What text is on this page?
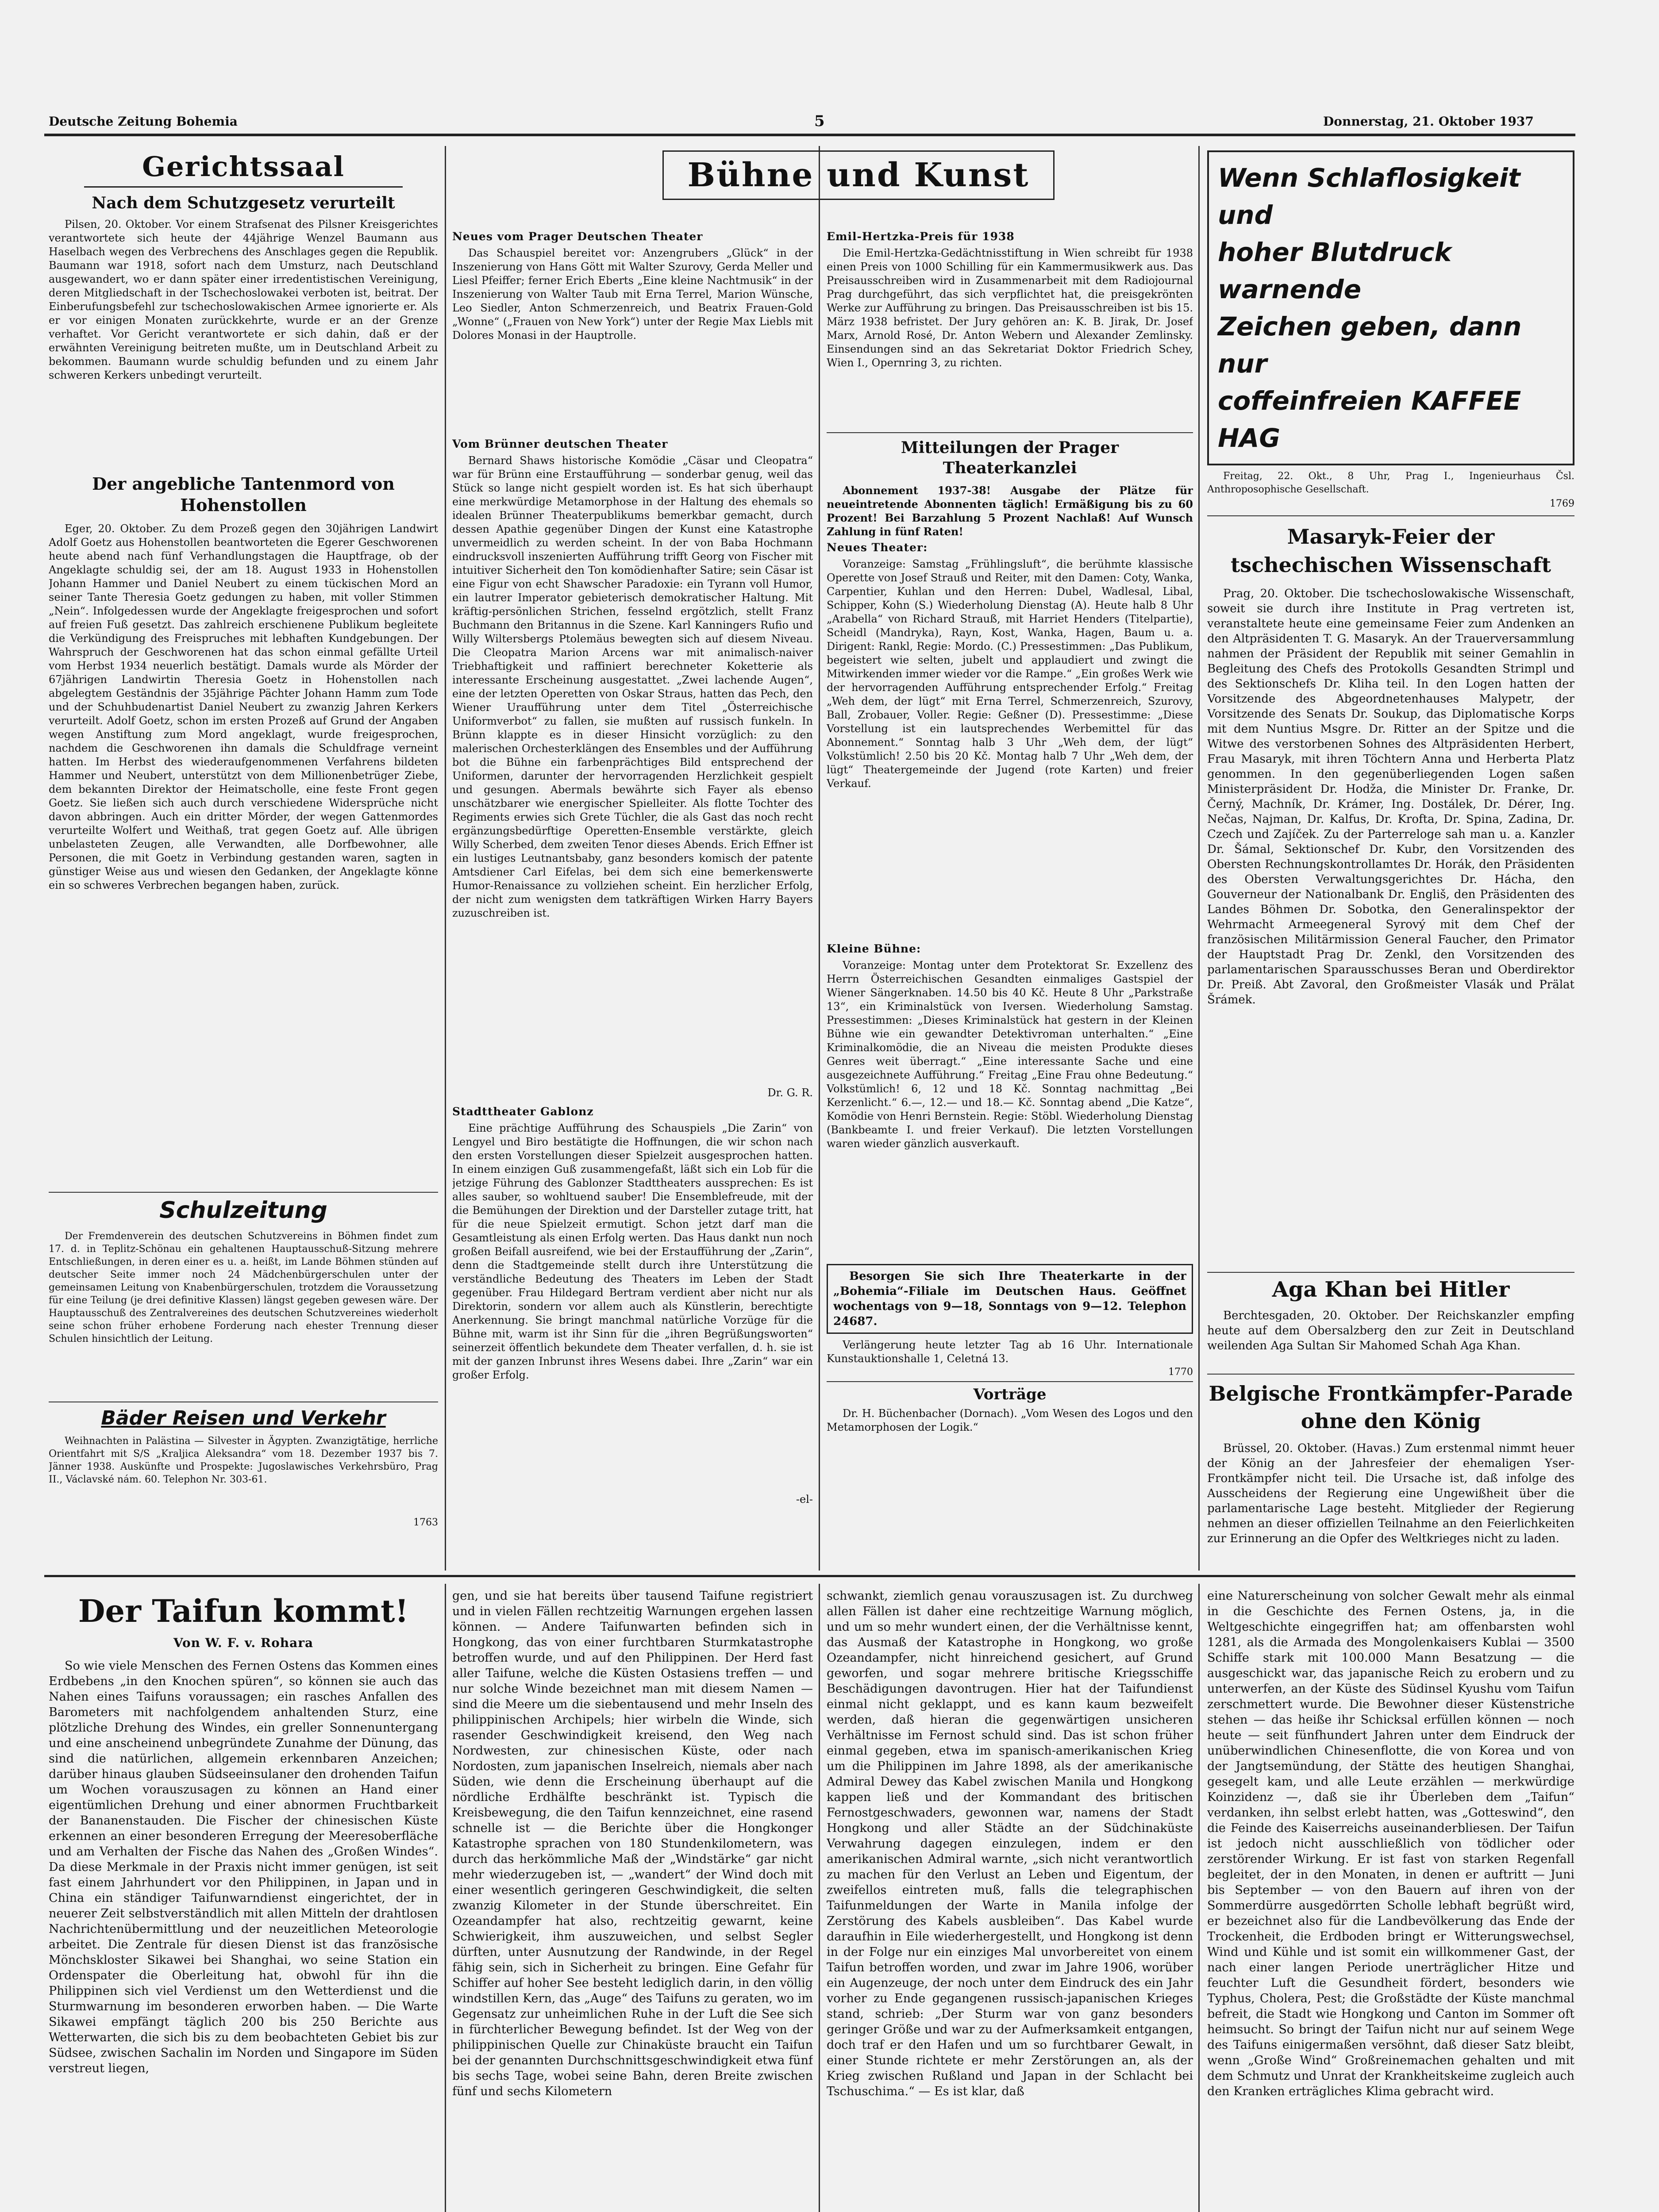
Deutsche Zeitung Bohemia	5	Donnerstag, 21. Oktober 1937
Gerichtssaal
Nach dem Schutzgesetz verurteilt

Pilsen, 20. Oktober. Vor einem Strafsenat des Pilsner Kreisgerichtes verantwortete sich heute der 44jährige Wenzel Baumann aus Haselbach wegen des Verbrechens des Anschlages gegen die Republik. Baumann war 1918, sofort nach dem Umsturz, nach Deutschland ausgewandert, wo er dann später einer irredentistischen Vereinigung, deren Mitgliedschaft in der Tschechoslowakei verboten ist, beitrat. Der Einberufungsbefehl zur tschechoslowakischen Armee ignorierte er. Als er vor einigen Monaten zurückkehrte, wurde er an der Grenze verhaftet. Vor Gericht verantwortete er sich dahin, daß er der erwähnten Vereinigung beitreten mußte, um in Deutschland Arbeit zu bekommen. Baumann wurde schuldig befunden und zu einem Jahr schweren Kerkers unbedingt verurteilt.

Der angebliche Tantenmord von Hohenstollen

Eger, 20. Oktober. Zu dem Prozeß gegen den 30jährigen Landwirt Adolf Goetz aus Hohenstollen beantworteten die Egerer Geschworenen heute abend nach fünf Verhandlungstagen die Hauptfrage, ob der Angeklagte schuldig sei, der am 18. August 1933 in Hohenstollen Johann Hammer und Daniel Neubert zu einem tückischen Mord an seiner Tante Theresia Goetz gedungen zu haben, mit voller Stimmen „Nein“. Infolgedessen wurde der Angeklagte freigesprochen und sofort auf freien Fuß gesetzt. Das zahlreich erschienene Publikum begleitete die Verkündigung des Freispruches mit lebhaften Kundgebungen. Der Wahrspruch der Geschworenen hat das schon einmal gefällte Urteil vom Herbst 1934 neuerlich bestätigt. Damals wurde als Mörder der 67jährigen Landwirtin Theresia Goetz in Hohenstollen nach abgelegtem Geständnis der 35jährige Pächter Johann Hamm zum Tode und der Schuhbudenartist Daniel Neubert zu zwanzig Jahren Kerkers verurteilt. Adolf Goetz, schon im ersten Prozeß auf Grund der Angaben wegen Anstiftung zum Mord angeklagt, wurde freigesprochen, nachdem die Geschworenen ihn damals die Schuldfrage verneint hatten. Im Herbst des wiederaufgenommenen Verfahrens bildeten Hammer und Neubert, unterstützt von dem Millionenbetrüger Ziebe, dem bekannten Direktor der Heimatscholle, eine feste Front gegen Goetz. Sie ließen sich auch durch verschiedene Widersprüche nicht davon abbringen. Auch ein dritter Mörder, der wegen Gattenmordes verurteilte Wolfert und Weithaß, trat gegen Goetz auf. Alle übrigen unbelasteten Zeugen, alle Verwandten, alle Dorfbewohner, alle Personen, die mit Goetz in Verbindung gestanden waren, sagten in günstiger Weise aus und wiesen den Gedanken, der Angeklagte könne ein so schweres Verbrechen begangen haben, zurück.

Schulzeitung

Der Fremdenverein des deutschen Schutzvereins in Böhmen findet zum 17. d. in Teplitz-Schönau ein gehaltenen Hauptausschuß-Sitzung mehrere Entschließungen, in deren einer es u. a. heißt, im Lande Böhmen stünden auf deutscher Seite immer noch 24 Mädchenbürgerschulen unter der gemeinsamen Leitung von Knabenbürgerschulen, trotzdem die Voraussetzung für eine Teilung (je drei definitive Klassen) längst gegeben gewesen wäre. Der Hauptausschuß des Zentralvereines des deutschen Schutzvereines wiederholt seine schon früher erhobene Forderung nach ehester Trennung dieser Schulen hinsichtlich der Leitung.

Bäder Reisen und Verkehr

Weihnachten in Palästina — Silvester in Ägypten. Zwanzigtätige, herrliche Orientfahrt mit S/S „Kraljica Aleksandra“ vom 18. Dezember 1937 bis 7. Jänner 1938. Auskünfte und Prospekte: Jugoslawisches Verkehrsbüro, Prag II., Václavské nám. 60. Telephon Nr. 303-61.

1763
Bühne und Kunst
Neues vom Prager Deutschen Theater

Das Schauspiel bereitet vor: Anzengrubers „Glück“ in der Inszenierung von Hans Gött mit Walter Szurovy, Gerda Meller und Liesl Pfeiffer; ferner Erich Eberts „Eine kleine Nachtmusik“ in der Inszenierung von Walter Taub mit Erna Terrel, Marion Wünsche, Leo Siedler, Anton Schmerzenreich, und Beatrix Frauen-Gold „Wonne“ („Frauen von New York“) unter der Regie Max Liebls mit Dolores Monasi in der Hauptrolle.

Vom Brünner deutschen Theater

Bernard Shaws historische Komödie „Cäsar und Cleopatra“ war für Brünn eine Erstaufführung — sonderbar genug, weil das Stück so lange nicht gespielt worden ist. Es hat sich überhaupt eine merkwürdige Metamorphose in der Haltung des ehemals so idealen Brünner Theaterpublikums bemerkbar gemacht, durch dessen Apathie gegenüber Dingen der Kunst eine Katastrophe unvermeidlich zu werden scheint. In der von Baba Hochmann eindrucksvoll inszenierten Aufführung trifft Georg von Fischer mit intuitiver Sicherheit den Ton komödienhafter Satire; sein Cäsar ist eine Figur von echt Shawscher Paradoxie: ein Tyrann voll Humor, ein lautrer Imperator gebieterisch demokratischer Haltung. Mit kräftig-persönlichen Strichen, fesselnd ergötzlich, stellt Franz Buchmann den Britannus in die Szene. Karl Kanningers Rufio und Willy Wiltersbergs Ptolemäus bewegten sich auf diesem Niveau. Die Cleopatra Marion Arcens war mit animalisch-naiver Triebhaftigkeit und raffiniert berechneter Koketterie als interessante Erscheinung ausgestattet. „Zwei lachende Augen“, eine der letzten Operetten von Oskar Straus, hatten das Pech, den Wiener Uraufführung unter dem Titel „Österreichische Uniformverbot“ zu fallen, sie mußten auf russisch funkeln. In Brünn klappte es in dieser Hinsicht vorzüglich: zu den malerischen Orchesterklängen des Ensembles und der Aufführung bot die Bühne ein farbenprächtiges Bild entsprechend der Uniformen, darunter der hervorragenden Herzlichkeit gespielt und gesungen. Abermals bewährte sich Fayer als ebenso unschätzbarer wie energischer Spielleiter. Als flotte Tochter des Regiments erwies sich Grete Tüchler, die als Gast das noch recht ergänzungsbedürftige Operetten-Ensemble verstärkte, gleich Willy Scherbed, dem zweiten Tenor dieses Abends. Erich Effner ist ein lustiges Leutnantsbaby, ganz besonders komisch der patente Amtsdiener Carl Eifelas, bei dem sich eine bemerkenswerte Humor-Renaissance zu vollziehen scheint. Ein herzlicher Erfolg, der nicht zum wenigsten dem tatkräftigen Wirken Harry Bayers zuzuschreiben ist.

Dr. G. R.
Stadttheater Gablonz

Eine prächtige Aufführung des Schauspiels „Die Zarin“ von Lengyel und Biro bestätigte die Hoffnungen, die wir schon nach den ersten Vorstellungen dieser Spielzeit ausgesprochen hatten. In einem einzigen Guß zusammengefaßt, läßt sich ein Lob für die jetzige Führung des Gablonzer Stadttheaters aussprechen: Es ist alles sauber, so wohltuend sauber! Die Ensemblefreude, mit der die Bemühungen der Direktion und der Darsteller zutage tritt, hat für die neue Spielzeit ermutigt. Schon jetzt darf man die Gesamtleistung als einen Erfolg werten. Das Haus dankt nun noch großen Beifall ausreifend, wie bei der Erstaufführung der „Zarin“, denn die Stadtgemeinde stellt durch ihre Unterstützung die verständliche Bedeutung des Theaters im Leben der Stadt gegenüber. Frau Hildegard Bertram verdient aber nicht nur als Direktorin, sondern vor allem auch als Künstlerin, berechtigte Anerkennung. Sie bringt manchmal natürliche Vorzüge für die Bühne mit, warm ist ihr Sinn für die „ihren Begrüßungsworten“ seinerzeit öffentlich bekundete dem Theater verfallen, d. h. sie ist mit der ganzen Inbrunst ihres Wesens dabei. Ihre „Zarin“ war ein großer Erfolg.

-el-
Emil-Hertzka-Preis für 1938

Die Emil-Hertzka-Gedächtnisstiftung in Wien schreibt für 1938 einen Preis von 1000 Schilling für ein Kammermusikwerk aus. Das Preisausschreiben wird in Zusammenarbeit mit dem Radiojournal Prag durchgeführt, das sich verpflichtet hat, die preisgekrönten Werke zur Aufführung zu bringen. Das Preisausschreiben ist bis 15. März 1938 befristet. Der Jury gehören an: K. B. Jirak, Dr. Josef Marx, Arnold Rosé, Dr. Anton Webern und Alexander Zemlinsky. Einsendungen sind an das Sekretariat Doktor Friedrich Schey, Wien I., Opernring 3, zu richten.

Mitteilungen der Prager Theaterkanzlei

Abonnement 1937-38! Ausgabe der Plätze für neueintretende Abonnenten täglich! Ermäßigung bis zu 60 Prozent! Bei Barzahlung 5 Prozent Nachlaß! Auf Wunsch Zahlung in fünf Raten!

Neues Theater:

Voranzeige: Samstag „Frühlingsluft“, die berühmte klassische Operette von Josef Strauß und Reiter, mit den Damen: Coty, Wanka, Carpentier, Kuhlan und den Herren: Dubel, Wadlesal, Libal, Schipper, Kohn (S.) Wiederholung Dienstag (A). Heute halb 8 Uhr „Arabella“ von Richard Strauß, mit Harriet Henders (Titelpartie), Scheidl (Mandryka), Rayn, Kost, Wanka, Hagen, Baum u. a. Dirigent: Rankl, Regie: Mordo. (C.) Pressestimmen: „Das Publikum, begeistert wie selten, jubelt und applaudiert und zwingt die Mitwirkenden immer wieder vor die Rampe.“ „Ein großes Werk wie der hervorragenden Aufführung entsprechender Erfolg.“ Freitag „Weh dem, der lügt“ mit Erna Terrel, Schmerzenreich, Szurovy, Ball, Zrobauer, Voller. Regie: Geßner (D). Pressestimme: „Diese Vorstellung ist ein lautsprechendes Werbemittel für das Abonnement.“ Sonntag halb 3 Uhr „Weh dem, der lügt“ Volkstümlich! 2.50 bis 20 Kč. Montag halb 7 Uhr „Weh dem, der lügt“ Theatergemeinde der Jugend (rote Karten) und freier Verkauf.

Kleine Bühne:

Voranzeige: Montag unter dem Protektorat Sr. Exzellenz des Herrn Österreichischen Gesandten einmaliges Gastspiel der Wiener Sängerknaben. 14.50 bis 40 Kč. Heute 8 Uhr „Parkstraße 13“, ein Kriminalstück von Iversen. Wiederholung Samstag. Pressestimmen: „Dieses Kriminalstück hat gestern in der Kleinen Bühne wie ein gewandter Detektivroman unterhalten.“ „Eine Kriminalkomödie, die an Niveau die meisten Produkte dieses Genres weit überragt.“ „Eine interessante Sache und eine ausgezeichnete Aufführung.“ Freitag „Eine Frau ohne Bedeutung.“ Volkstümlich! 6, 12 und 18 Kč. Sonntag nachmittag „Bei Kerzenlicht.“ 6.—, 12.— und 18.— Kč. Sonntag abend „Die Katze“, Komödie von Henri Bernstein. Regie: Stöbl. Wiederholung Dienstag (Bankbeamte I. und freier Verkauf). Die letzten Vorstellungen waren wieder gänzlich ausverkauft.

Besorgen Sie sich Ihre Theaterkarte in der „Bohemia“-Filiale im Deutschen Haus. Geöffnet wochentags von 9—18, Sonntags von 9—12. Telephon 24687.

Verlängerung heute letzter Tag ab 16 Uhr. Internationale Kunstauktionshalle 1, Celetná 13.

1770
Vorträge

Dr. H. Büchenbacher (Dornach). „Vom Wesen des Logos und den Metamorphosen der Logik.“

Wenn Schlaflosigkeit und
hoher Blutdruck warnende
Zeichen geben, dann nur
coffeinfreien KAFFEE HAG

Freitag, 22. Okt., 8 Uhr, Prag I., Ingenieurhaus Čsl. Anthroposophische Gesellschaft.

1769
Masaryk-Feier der tschechischen Wissenschaft

Prag, 20. Oktober. Die tschechoslowakische Wissenschaft, soweit sie durch ihre Institute in Prag vertreten ist, veranstaltete heute eine gemeinsame Feier zum Andenken an den Altpräsidenten T. G. Masaryk. An der Trauerversammlung nahmen der Präsident der Republik mit seiner Gemahlin in Begleitung des Chefs des Protokolls Gesandten Strimpl und des Sektionschefs Dr. Kliha teil. In den Logen hatten der Vorsitzende des Abgeordnetenhauses Malypetr, der Vorsitzende des Senats Dr. Soukup, das Diplomatische Korps mit dem Nuntius Msgre. Dr. Ritter an der Spitze und die Witwe des verstorbenen Sohnes des Altpräsidenten Herbert, Frau Masaryk, mit ihren Töchtern Anna und Herberta Platz genommen. In den gegenüberliegenden Logen saßen Ministerpräsident Dr. Hodža, die Minister Dr. Franke, Dr. Černý, Machník, Dr. Krámer, Ing. Dostálek, Dr. Dérer, Ing. Nečas, Najman, Dr. Kalfus, Dr. Krofta, Dr. Spina, Zadina, Dr. Czech und Zajíček. Zu der Parterreloge sah man u. a. Kanzler Dr. Šámal, Sektionschef Dr. Kubr, den Vorsitzenden des Obersten Rechnungskontrollamtes Dr. Horák, den Präsidenten des Obersten Verwaltungsgerichtes Dr. Hácha, den Gouverneur der Nationalbank Dr. Engliš, den Präsidenten des Landes Böhmen Dr. Sobotka, den Generalinspektor der Wehrmacht Armeegeneral Syrový mit dem Chef der französischen Militärmission General Faucher, den Primator der Hauptstadt Prag Dr. Zenkl, den Vorsitzenden des parlamentarischen Sparausschusses Beran und Oberdirektor Dr. Preiß. Abt Zavoral, den Großmeister Vlasák und Prälat Šrámek.

Aga Khan bei Hitler

Berchtesgaden, 20. Oktober. Der Reichskanzler empfing heute auf dem Obersalzberg den zur Zeit in Deutschland weilenden Aga Sultan Sir Mahomed Schah Aga Khan.

Belgische Frontkämpfer-Parade ohne den König

Brüssel, 20. Oktober. (Havas.) Zum erstenmal nimmt heuer der König an der Jahresfeier der ehemaligen Yser-Frontkämpfer nicht teil. Die Ursache ist, daß infolge des Ausscheidens der Regierung eine Ungewißheit über die parlamentarische Lage besteht. Mitglieder der Regierung nehmen an dieser offiziellen Teilnahme an den Feierlichkeiten zur Erinnerung an die Opfer des Weltkrieges nicht zu laden.

Der Taifun kommt!
Von W. F. v. Rohara

So wie viele Menschen des Fernen Ostens das Kommen eines Erdbebens „in den Knochen spüren“, so können sie auch das Nahen eines Taifuns voraussagen; ein rasches Anfallen des Barometers mit nachfolgendem anhaltenden Sturz, eine plötzliche Drehung des Windes, ein greller Sonnenuntergang und eine anscheinend unbegründete Zunahme der Dünung, das sind die natürlichen, allgemein erkennbaren Anzeichen; darüber hinaus glauben Südseeinsulaner den drohenden Taifun um Wochen vorauszusagen zu können an Hand einer eigentümlichen Drehung und einer abnormen Fruchtbarkeit der Bananenstauden. Die Fischer der chinesischen Küste erkennen an einer besonderen Erregung der Meeresoberfläche und am Verhalten der Fische das Nahen des „Großen Windes“. Da diese Merkmale in der Praxis nicht immer genügen, ist seit fast einem Jahrhundert vor den Philippinen, in Japan und in China ein ständiger Taifunwarndienst eingerichtet, der in neuerer Zeit selbstverständlich mit allen Mitteln der drahtlosen Nachrichtenübermittlung und der neuzeitlichen Meteorologie arbeitet. Die Zentrale für diesen Dienst ist das französische Mönchskloster Sikawei bei Shanghai, wo seine Station ein Ordenspater die Oberleitung hat, obwohl für ihn die Philippinen sich viel Verdienst um den Wetterdienst und die Sturmwarnung im besonderen erworben haben. — Die Warte Sikawei empfängt täglich 200 bis 250 Berichte aus Wetterwarten, die sich bis zu dem beobachteten Gebiet bis zur Südsee, zwischen Sachalin im Norden und Singapore im Süden verstreut liegen,

gen, und sie hat bereits über tausend Taifune registriert und in vielen Fällen rechtzeitig Warnungen ergehen lassen können. — Andere Taifunwarten befinden sich in Hongkong, das von einer furchtbaren Sturmkatastrophe betroffen wurde, und auf den Philippinen. Der Herd fast aller Taifune, welche die Küsten Ostasiens treffen — und nur solche Winde bezeichnet man mit diesem Namen — sind die Meere um die siebentausend und mehr Inseln des philippinischen Archipels; hier wirbeln die Winde, sich rasender Geschwindigkeit kreisend, den Weg nach Nordwesten, zur chinesischen Küste, oder nach Nordosten, zum japanischen Inselreich, niemals aber nach Süden, wie denn die Erscheinung überhaupt auf die nördliche Erdhälfte beschränkt ist. Typisch die Kreisbewegung, die den Taifun kennzeichnet, eine rasend schnelle ist — die Berichte über die Hongkonger Katastrophe sprachen von 180 Stundenkilometern, was durch das herkömmliche Maß der „Windstärke“ gar nicht mehr wiederzugeben ist, — „wandert“ der Wind doch mit einer wesentlich geringeren Geschwindigkeit, die selten zwanzig Kilometer in der Stunde überschreitet. Ein Ozeandampfer hat also, rechtzeitig gewarnt, keine Schwierigkeit, ihm auszuweichen, und selbst Segler dürften, unter Ausnutzung der Randwinde, in der Regel fähig sein, sich in Sicherheit zu bringen. Eine Gefahr für Schiffer auf hoher See besteht lediglich darin, in den völlig windstillen Kern, das „Auge“ des Taifuns zu geraten, wo im Gegensatz zur unheimlichen Ruhe in der Luft die See sich in fürchterlicher Bewegung befindet. Ist der Weg von der philippinischen Quelle zur Chinaküste braucht ein Taifun bei der genannten Durchschnittsgeschwindigkeit etwa fünf bis sechs Tage, wobei seine Bahn, deren Breite zwischen fünf und sechs Kilometern

schwankt, ziemlich genau vorauszusagen ist. Zu durchweg allen Fällen ist daher eine rechtzeitige Warnung möglich, und um so mehr wundert einen, der die Verhältnisse kennt, das Ausmaß der Katastrophe in Hongkong, wo große Ozeandampfer, nicht hinreichend gesichert, auf Grund geworfen, und sogar mehrere britische Kriegsschiffe Beschädigungen davontrugen. Hier hat der Taifundienst einmal nicht geklappt, und es kann kaum bezweifelt werden, daß hieran die gegenwärtigen unsicheren Verhältnisse im Fernost schuld sind. Das ist schon früher einmal gegeben, etwa im spanisch-amerikanischen Krieg um die Philippinen im Jahre 1898, als der amerikanische Admiral Dewey das Kabel zwischen Manila und Hongkong kappen ließ und der Kommandant des britischen Fernostgeschwaders, gewonnen war, namens der Stadt Hongkong und aller Städte an der Südchinaküste Verwahrung dagegen einzulegen, indem er den amerikanischen Admiral warnte, „sich nicht verantwortlich zu machen für den Verlust an Leben und Eigentum, der zweifellos eintreten muß, falls die telegraphischen Taifunmeldungen der Warte in Manila infolge der Zerstörung des Kabels ausbleiben“. Das Kabel wurde daraufhin in Eile wiederhergestellt, und Hongkong ist denn in der Folge nur ein einziges Mal unvorbereitet von einem Taifun betroffen worden, und zwar im Jahre 1906, worüber ein Augenzeuge, der noch unter dem Eindruck des ein Jahr vorher zu Ende gegangenen russisch-japanischen Krieges stand, schrieb: „Der Sturm war von ganz besonders geringer Größe und war zu der Aufmerksamkeit entgangen, doch traf er den Hafen und um so furchtbarer Gewalt, in einer Stunde richtete er mehr Zerstörungen an, als der Krieg zwischen Rußland und Japan in der Schlacht bei Tschuschima.“ — Es ist klar, daß

eine Naturerscheinung von solcher Gewalt mehr als einmal in die Geschichte des Fernen Ostens, ja, in die Weltgeschichte eingegriffen hat; am offenbarsten wohl 1281, als die Armada des Mongolenkaisers Kublai — 3500 Schiffe stark mit 100.000 Mann Besatzung — die ausgeschickt war, das japanische Reich zu erobern und zu unterwerfen, an der Küste des Südinsel Kyushu vom Taifun zerschmettert wurde. Die Bewohner dieser Küstenstriche stehen — das heiße ihr Schicksal erfüllen können — noch heute — seit fünfhundert Jahren unter dem Eindruck der unüberwindlichen Chinesenflotte, die von Korea und von der Jangtsemündung, der Stätte des heutigen Shanghai, gesegelt kam, und alle Leute erzählen — merkwürdige Koinzidenz —, daß sie ihr Überleben dem „Taifun“ verdanken, ihn selbst erlebt hatten, was „Gotteswind“, den die Feinde des Kaiserreichs auseinanderbliesen. Der Taifun ist jedoch nicht ausschließlich von tödlicher oder zerstörender Wirkung. Er ist fast von starken Regenfall begleitet, der in den Monaten, in denen er auftritt — Juni bis September — von den Bauern auf ihren von der Sommerdürre ausgedörrten Scholle lebhaft begrüßt wird, er bezeichnet also für die Landbevölkerung das Ende der Trockenheit, die Erdboden bringt er Witterungswechsel, Wind und Kühle und ist somit ein willkommener Gast, der nach einer langen Periode unerträglicher Hitze und feuchter Luft die Gesundheit fördert, besonders wie Typhus, Cholera, Pest; die Großstädte der Küste manchmal befreit, die Stadt wie Hongkong und Canton im Sommer oft heimsucht. So bringt der Taifun nicht nur auf seinem Wege des Taifuns einigermaßen versöhnt, daß dieser Satz bleibt, wenn „Große Wind“ Großreinemachen gehalten und mit dem Schmutz und Unrat der Krankheitskeime zugleich auch den Kranken erträgliches Klima gebracht wird.
